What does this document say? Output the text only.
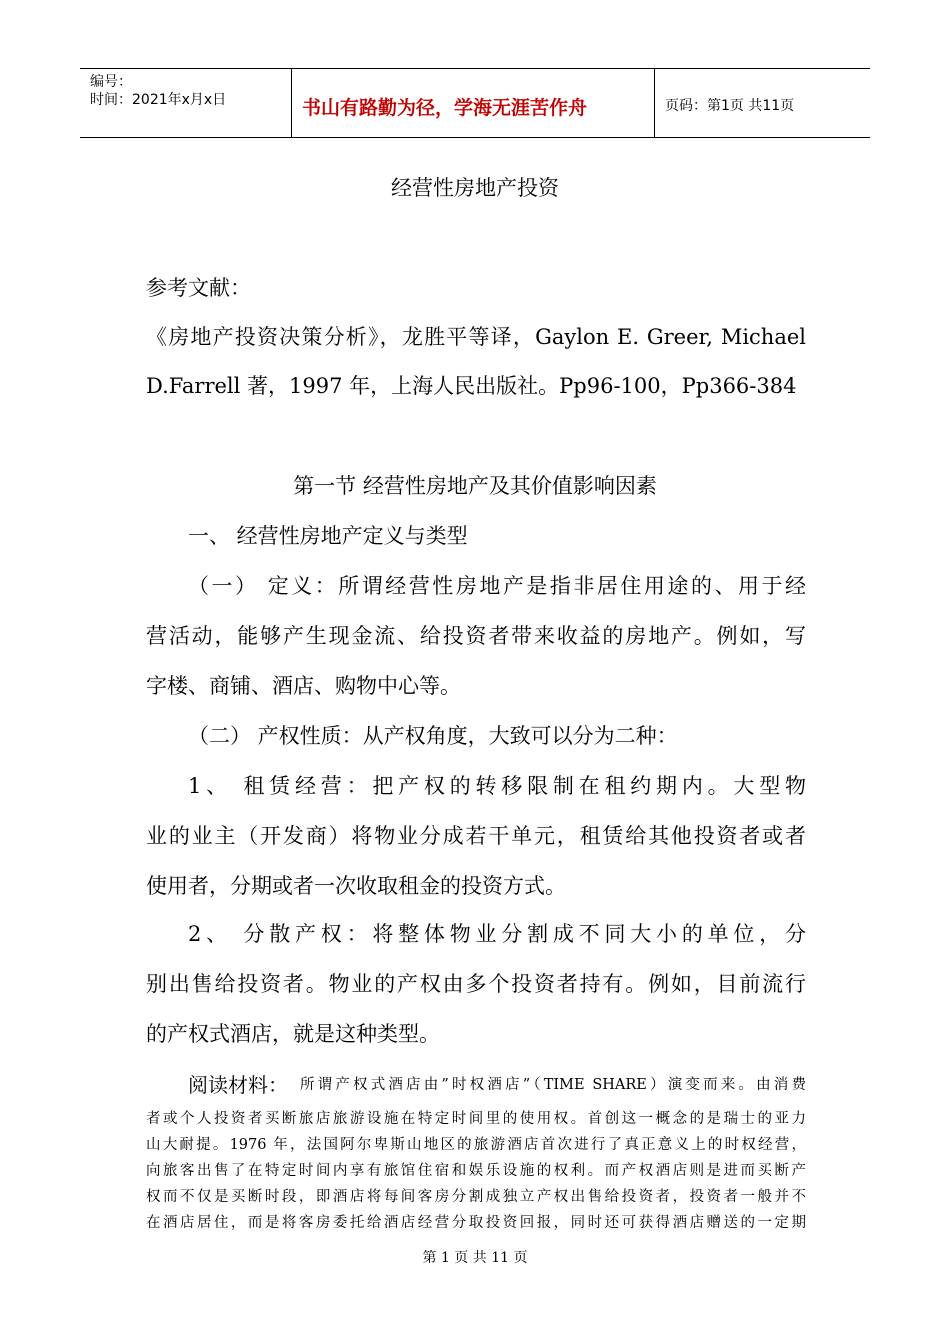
编号：
时间：2021年x月x日	书山有路勤为径，学海无涯苦作舟	页码：第1页 共11页
经营性房地产投资
参考文献：
《房地产投资决策分析》，龙胜平等译，Gaylon E. Greer, Michael
D.Farrell 著，1997 年，上海人民出版社。Pp96-100，Pp366-384
第一节 经营性房地产及其价值影响因素
一、 经营性房地产定义与类型
（一） 定义：所谓经营性房地产是指非居住用途的、用于经
营活动，能够产生现金流、给投资者带来收益的房地产。例如，写
字楼、商铺、酒店、购物中心等。
（二） 产权性质：从产权角度，大致可以分为二种：
1、 租赁经营：把产权的转移限制在租约期内。大型物
业的业主（开发商）将物业分成若干单元，租赁给其他投资者或者
使用者，分期或者一次收取租金的投资方式。
2、 分散产权：将整体物业分割成不同大小的单位，分
别出售给投资者。物业的产权由多个投资者持有。例如，目前流行
的产权式酒店，就是这种类型。
阅读材料： 所谓产权式酒店由”时权酒店”（TIME SHARE）演变而来。由消费
者或个人投资者买断旅店旅游设施在特定时间里的使用权。首创这一概念的是瑞士的亚力
山大耐提。1976 年，法国阿尔卑斯山地区的旅游酒店首次进行了真正意义上的时权经营，
向旅客出售了在特定时间内享有旅馆住宿和娱乐设施的权利。而产权酒店则是进而买断产
权而不仅是买断时段，即酒店将每间客房分割成独立产权出售给投资者，投资者一般并不
在酒店居住，而是将客房委托给酒店经营分取投资回报，同时还可获得酒店赠送的一定期
第 1 页 共 11 页
